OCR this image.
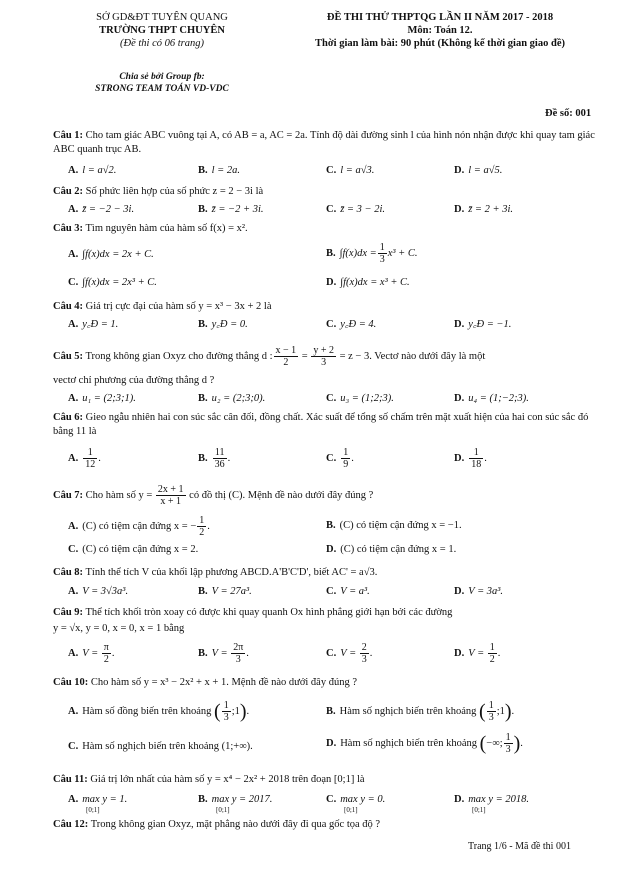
SỞ GD&ĐT TUYÊN QUANG
TRƯỜNG THPT CHUYÊN
(Đề thi có 06 trang)
ĐỀ THI THỬ THPTQG LẦN II NĂM 2017 - 2018
Môn: Toán 12.
Thời gian làm bài: 90 phút (Không kể thời gian giao đề)
Chia sẻ bởi Group fb:
STRONG TEAM TOÁN VD-VDC
Đề số: 001
Câu 1: Cho tam giác ABC vuông tại A, có AB = a, AC = 2a. Tính độ dài đường sinh l của hình nón nhận được khi quay tam giác ABC quanh trục AB.
A. l = a√2.	B. l = 2a.	C. l = a√3.	D. l = a√5.
Câu 2: Số phức liên hợp của số phức z = 2 − 3i là
A. z̄ = −2 − 3i.	B. z̄ = −2 + 3i.	C. z̄ = 3 − 2i.	D. z̄ = 2 + 3i.
Câu 3: Tìm nguyên hàm của hàm số f(x) = x².
A. ∫f(x)dx = 2x + C.	B. $\int f(x)dx = \frac{1}{3} x^3 + C$.
C. ∫f(x)dx = 2x³ + C.	D. ∫f(x)dx = x³ + C.
Câu 4: Giá trị cực đại của hàm số y = x³ − 3x + 2 là
A. y꜀Đ = 1.	B. y꜀Đ = 0.	C. y꜀Đ = 4.	D. y꜀Đ = −1.
Câu 5: Trong không gian Oxyz cho đường thẳng d : $\frac{x - 1}{2} = \frac{y + 2}{3} = z - 3$. Vectơ nào dưới đây là một
vectơ chỉ phương của đường thẳng d ?
A. u₁ = (2;3;1).	B. u₂ = (2;3;0).	C. u₃ = (1;2;3).	D. u₄ = (1;−2;3).
Câu 6: Gieo ngẫu nhiên hai con súc sắc cân đối, đồng chất. Xác suất để tổng số chấm trên mặt xuất hiện của hai con súc sắc đó bằng 11 là
A. $\frac{1}{12}$ .	B. $\frac{11}{36}$ .	C. $\frac{1}{9}$ .	D. $\frac{1}{18}$ .
Câu 7: Cho hàm số $y = \frac{2x + 1}{x + 1}$ có đồ thị (C). Mệnh đề nào dưới đây đúng ?
A. (C) có tiệm cận đứng x = − $\frac{1}{2}$ .	B. (C) có tiệm cận đứng x = −1.
C. (C) có tiệm cận đứng x = 2.	D. (C) có tiệm cận đứng x = 1.
Câu 8: Tính thể tích V của khối lập phương ABCD.A'B'C'D', biết AC' = a√3.
A. V = 3√3a³.	B. V = 27a³.	C. V = a³.	D. V = 3a³.
Câu 9: Thể tích khối tròn xoay có được khi quay quanh Ox hình phẳng giới hạn bởi các đường
y = √x, y = 0, x = 0, x = 1 bằng
A. $V = \frac{\pi}{2}$ .	B. $V = \frac{2\pi}{3}$ .	C. $V = \frac{2}{3}$ .	D. $V = \frac{1}{2}$ .
Câu 10: Cho hàm số y = x³ − 2x² + x + 1. Mệnh đề nào dưới đây đúng ?
A. Hàm số đồng biến trên khoảng ( $\frac{1}{3}$ ;1).	B. Hàm số nghịch biến trên khoảng ( $\frac{1}{3}$ ;1).
C. Hàm số nghịch biến trên khoảng (1;+∞).	D. Hàm số nghịch biến trên khoảng (−∞; $\frac{1}{3}$ ).
Câu 11: Giá trị lớn nhất của hàm số y = x⁴ − 2x² + 2018 trên đoạn [0;1] là
A. max y = 1.
[0;1]
B. max y = 2017.
[0;1]
C. max y = 0.
[0;1]
D. max y = 2018.
[0;1]
Câu 12: Trong không gian Oxyz, mặt phẳng nào dưới đây đi qua gốc tọa độ ?
Trang 1/6 - Mã đề thi 001
